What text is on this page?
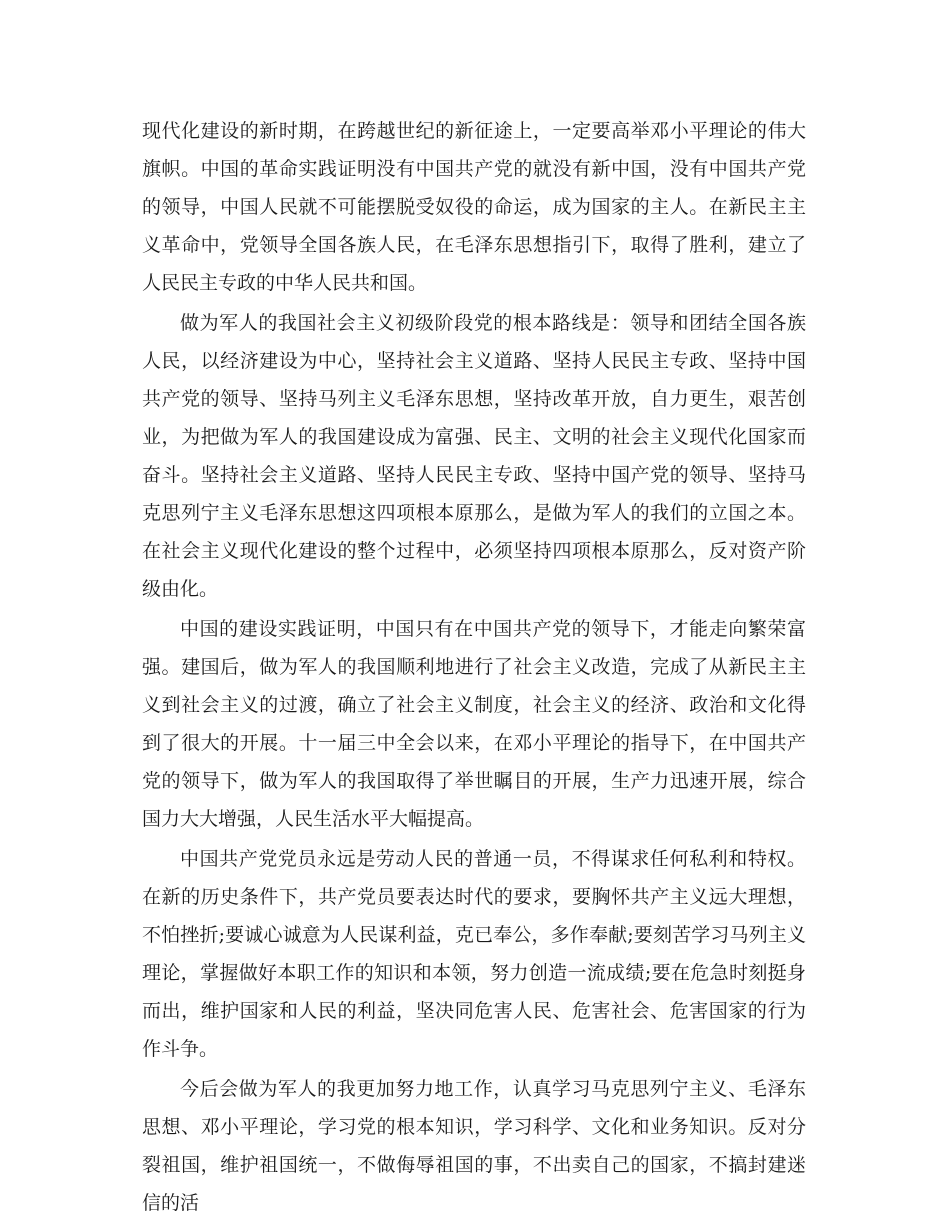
现代化建设的新时期，在跨越世纪的新征途上，一定要高举邓小平理论的伟大旗帜。中国的革命实践证明没有中国共产党的就没有新中国，没有中国共产党的领导，中国人民就不可能摆脱受奴役的命运，成为国家的主人。在新民主主义革命中，党领导全国各族人民，在毛泽东思想指引下，取得了胜利，建立了人民民主专政的中华人民共和国。

做为军人的我国社会主义初级阶段党的根本路线是：领导和团结全国各族人民，以经济建设为中心，坚持社会主义道路、坚持人民民主专政、坚持中国共产党的领导、坚持马列主义毛泽东思想，坚持改革开放，自力更生，艰苦创业，为把做为军人的我国建设成为富强、民主、文明的社会主义现代化国家而奋斗。坚持社会主义道路、坚持人民民主专政、坚持中国产党的领导、坚持马克思列宁主义毛泽东思想这四项根本原那么，是做为军人的我们的立国之本。在社会主义现代化建设的整个过程中，必须坚持四项根本原那么，反对资产阶级由化。

中国的建设实践证明，中国只有在中国共产党的领导下，才能走向繁荣富强。建国后，做为军人的我国顺利地进行了社会主义改造，完成了从新民主主义到社会主义的过渡，确立了社会主义制度，社会主义的经济、政治和文化得到了很大的开展。十一届三中全会以来，在邓小平理论的指导下，在中国共产党的领导下，做为军人的我国取得了举世瞩目的开展，生产力迅速开展，综合国力大大增强，人民生活水平大幅提高。

中国共产党党员永远是劳动人民的普通一员，不得谋求任何私利和特权。在新的历史条件下，共产党员要表达时代的要求，要胸怀共产主义远大理想，不怕挫折;要诚心诚意为人民谋利益，克已奉公，多作奉献;要刻苦学习马列主义理论，掌握做好本职工作的知识和本领，努力创造一流成绩;要在危急时刻挺身而出，维护国家和人民的利益，坚决同危害人民、危害社会、危害国家的行为作斗争。

今后会做为军人的我更加努力地工作，认真学习马克思列宁主义、毛泽东思想、邓小平理论，学习党的根本知识，学习科学、文化和业务知识。反对分裂祖国，维护祖国统一，不做侮辱祖国的事，不出卖自己的国家，不搞封建迷信的活
